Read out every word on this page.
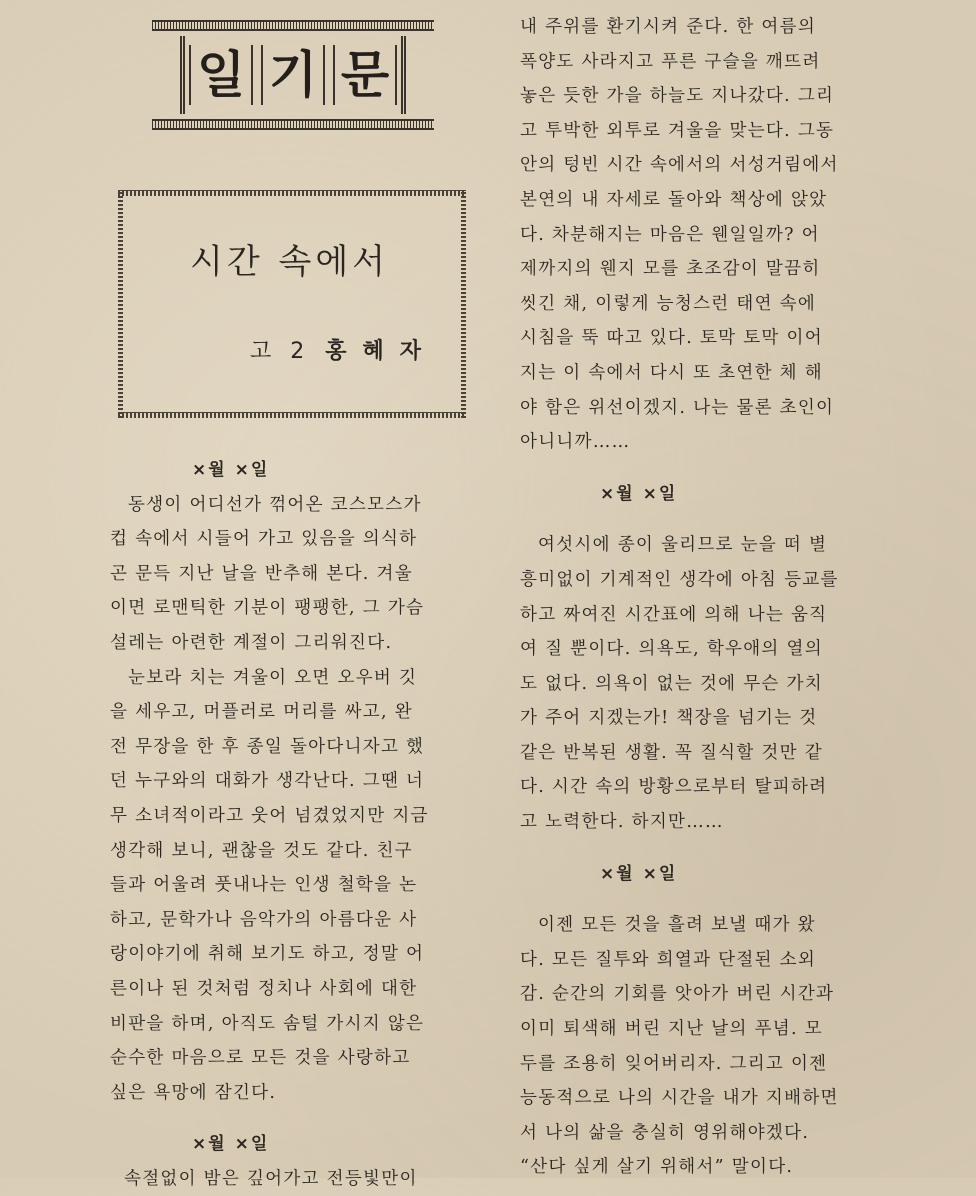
일 기 문
시간 속에서
고 2 홍혜자
×월 ×일
동생이 어디선가 꺾어온 코스모스가
컵 속에서 시들어 가고 있음을 의식하
곤 문득 지난 날을 반추해 본다. 겨울
이면 로맨틱한 기분이 팽팽한, 그 가슴
설레는 아련한 계절이 그리워진다.
눈보라 치는 겨울이 오면 오우버 깃
을 세우고, 머플러로 머리를 싸고, 완
전 무장을 한 후 종일 돌아다니자고 했
던 누구와의 대화가 생각난다. 그땐 너
무 소녀적이라고 웃어 넘겼었지만 지금
생각해 보니, 괜찮을 것도 같다. 친구
들과 어울려 풋내나는 인생 철학을 논
하고, 문학가나 음악가의 아름다운 사
랑이야기에 취해 보기도 하고, 정말 어
른이나 된 것처럼 정치나 사회에 대한
비판을 하며, 아직도 솜털 가시지 않은
순수한 마음으로 모든 것을 사랑하고
싶은 욕망에 잠긴다.
×월 ×일
속절없이 밤은 깊어가고 전등빛만이
내 주위를 환기시켜 준다. 한 여름의
폭양도 사라지고 푸른 구슬을 깨뜨려
놓은 듯한 가을 하늘도 지나갔다. 그리
고 투박한 외투로 겨울을 맞는다. 그동
안의 텅빈 시간 속에서의 서성거림에서
본연의 내 자세로 돌아와 책상에 앉았
다. 차분해지는 마음은 웬일일까? 어
제까지의 웬지 모를 초조감이 말끔히
씻긴 채, 이렇게 능청스런 태연 속에
시침을 뚝 따고 있다. 토막 토막 이어
지는 이 속에서 다시 또 초연한 체 해
야 함은 위선이겠지. 나는 물론 초인이
아니니까……
×월 ×일
여섯시에 종이 울리므로 눈을 떠 별
흥미없이 기계적인 생각에 아침 등교를
하고 짜여진 시간표에 의해 나는 움직
여 질 뿐이다. 의욕도, 학우애의 열의
도 없다. 의욕이 없는 것에 무슨 가치
가 주어 지겠는가! 책장을 넘기는 것
같은 반복된 생활. 꼭 질식할 것만 같
다. 시간 속의 방황으로부터 탈피하려
고 노력한다. 하지만……
×월 ×일
이젠 모든 것을 흘려 보낼 때가 왔
다. 모든 질투와 희열과 단절된 소외
감. 순간의 기회를 앗아가 버린 시간과
이미 퇴색해 버린 지난 날의 푸념. 모
두를 조용히 잊어버리자. 그리고 이젠
능동적으로 나의 시간을 내가 지배하면
서 나의 삶을 충실히 영위해야겠다.
“산다 싶게 살기 위해서” 말이다.
